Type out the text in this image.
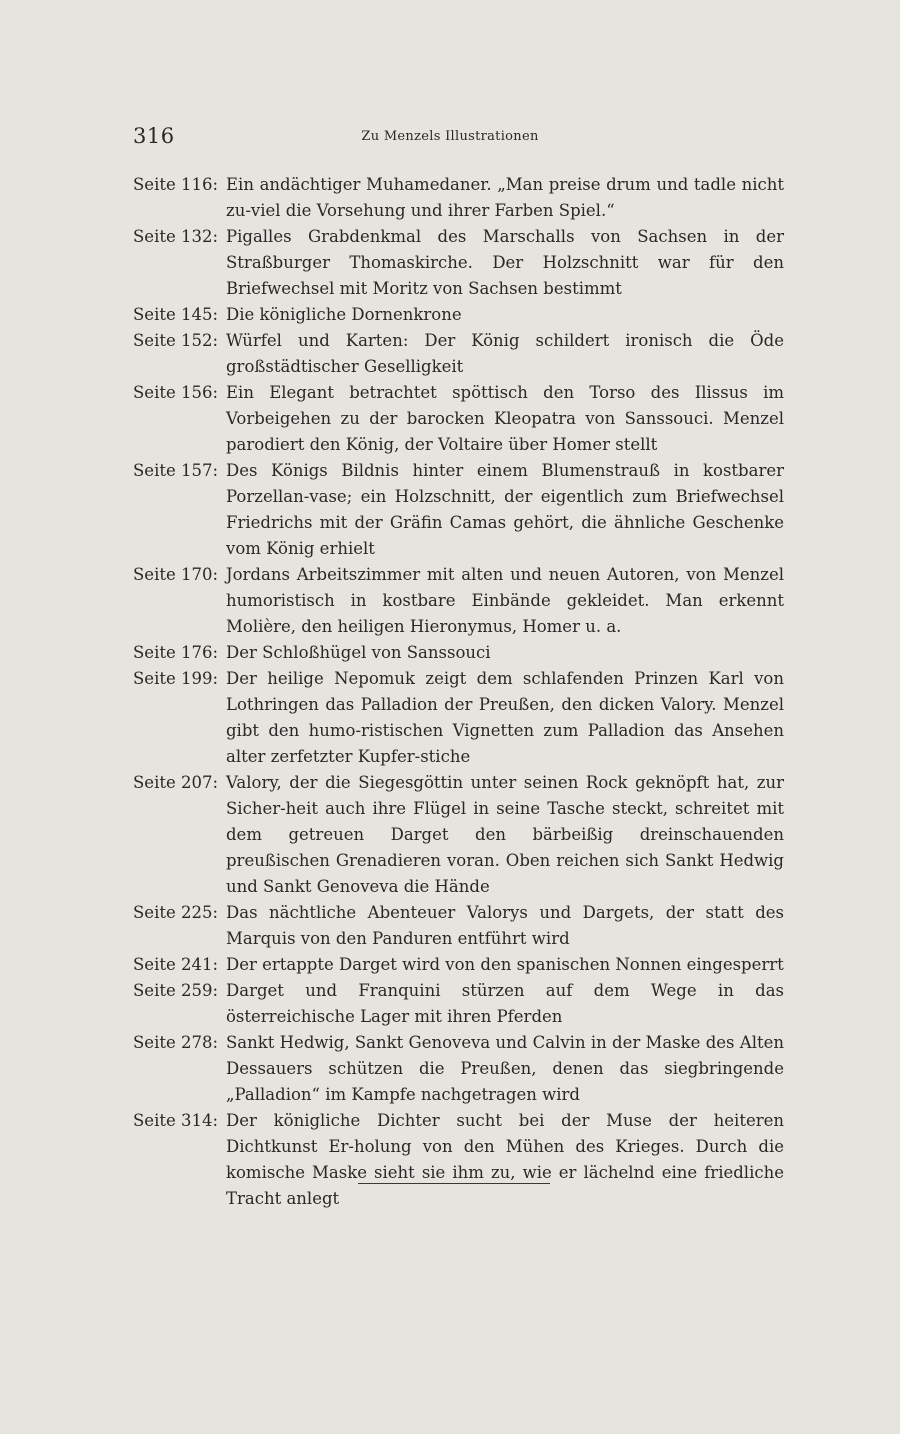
316	Zu Menzels Illustrationen
Seite 116: Ein andächtiger Muhamedaner. „Man preise drum und tadle nicht zu-viel die Vorsehung und ihrer Farben Spiel.“
Seite 132: Pigalles Grabdenkmal des Marschalls von Sachsen in der Straßburger Thomaskirche. Der Holzschnitt war für den Briefwechsel mit Moritz von Sachsen bestimmt
Seite 145: Die königliche Dornenkrone
Seite 152: Würfel und Karten: Der König schildert ironisch die Öde großstädtischer Geselligkeit
Seite 156: Ein Elegant betrachtet spöttisch den Torso des Ilissus im Vorbeigehen zu der barocken Kleopatra von Sanssouci. Menzel parodiert den König, der Voltaire über Homer stellt
Seite 157: Des Königs Bildnis hinter einem Blumenstrauß in kostbarer Porzellan-vase; ein Holzschnitt, der eigentlich zum Briefwechsel Friedrichs mit der Gräfin Camas gehört, die ähnliche Geschenke vom König erhielt
Seite 170: Jordans Arbeitszimmer mit alten und neuen Autoren, von Menzel humoristisch in kostbare Einbände gekleidet. Man erkennt Molière, den heiligen Hieronymus, Homer u. a.
Seite 176: Der Schloßhügel von Sanssouci
Seite 199: Der heilige Nepomuk zeigt dem schlafenden Prinzen Karl von Lothringen das Palladion der Preußen, den dicken Valory. Menzel gibt den humo-ristischen Vignetten zum Palladion das Ansehen alter zerfetzter Kupfer-stiche
Seite 207: Valory, der die Siegesgöttin unter seinen Rock geknöpft hat, zur Sicher-heit auch ihre Flügel in seine Tasche steckt, schreitet mit dem getreuen Darget den bärbeißig dreinschauenden preußischen Grenadieren voran. Oben reichen sich Sankt Hedwig und Sankt Genoveva die Hände
Seite 225: Das nächtliche Abenteuer Valorys und Dargets, der statt des Marquis von den Panduren entführt wird
Seite 241: Der ertappte Darget wird von den spanischen Nonnen eingesperrt
Seite 259: Darget und Franquini stürzen auf dem Wege in das österreichische Lager mit ihren Pferden
Seite 278: Sankt Hedwig, Sankt Genoveva und Calvin in der Maske des Alten Dessauers schützen die Preußen, denen das siegbringende „Palladion“ im Kampfe nachgetragen wird
Seite 314: Der königliche Dichter sucht bei der Muse der heiteren Dichtkunst Er-holung von den Mühen des Krieges. Durch die komische Maske sieht sie ihm zu, wie er lächelnd eine friedliche Tracht anlegt
